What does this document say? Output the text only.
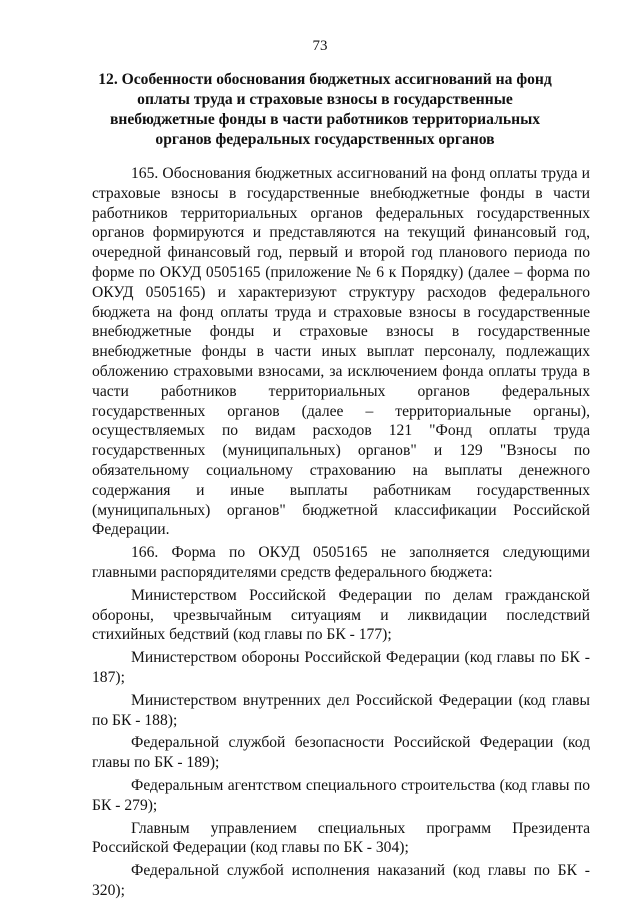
73
12. Особенности обоснования бюджетных ассигнований на фонд оплаты труда и страховые взносы в государственные внебюджетные фонды в части работников территориальных органов федеральных государственных органов

165. Обоснования бюджетных ассигнований на фонд оплаты труда и страховые взносы в государственные внебюджетные фонды в части работников территориальных органов федеральных государственных органов формируются и представляются на текущий финансовый год, очередной финансовый год, первый и второй год планового периода по форме по ОКУД 0505165 (приложение № 6 к Порядку) (далее – форма по ОКУД 0505165) и характеризуют структуру расходов федерального бюджета на фонд оплаты труда и страховые взносы в государственные внебюджетные фонды и страховые взносы в государственные внебюджетные фонды в части иных выплат персоналу, подлежащих обложению страховыми взносами, за исключением фонда оплаты труда в части работников территориальных органов федеральных государственных органов (далее – территориальные органы), осуществляемых по видам расходов 121 "Фонд оплаты труда государственных (муниципальных) органов" и 129 "Взносы по обязательному социальному страхованию на выплаты денежного содержания и иные выплаты работникам государственных (муниципальных) органов" бюджетной классификации Российской Федерации.

166. Форма по ОКУД 0505165 не заполняется следующими главными распорядителями средств федерального бюджета:

Министерством Российской Федерации по делам гражданской обороны, чрезвычайным ситуациям и ликвидации последствий стихийных бедствий (код главы по БК - 177);

Министерством обороны Российской Федерации (код главы по БК - 187);

Министерством внутренних дел Российской Федерации (код главы по БК - 188);

Федеральной службой безопасности Российской Федерации (код главы по БК - 189);

Федеральным агентством специального строительства (код главы по БК - 279);

Главным управлением специальных программ Президента Российской Федерации (код главы по БК - 304);

Федеральной службой исполнения наказаний (код главы по БК - 320);
